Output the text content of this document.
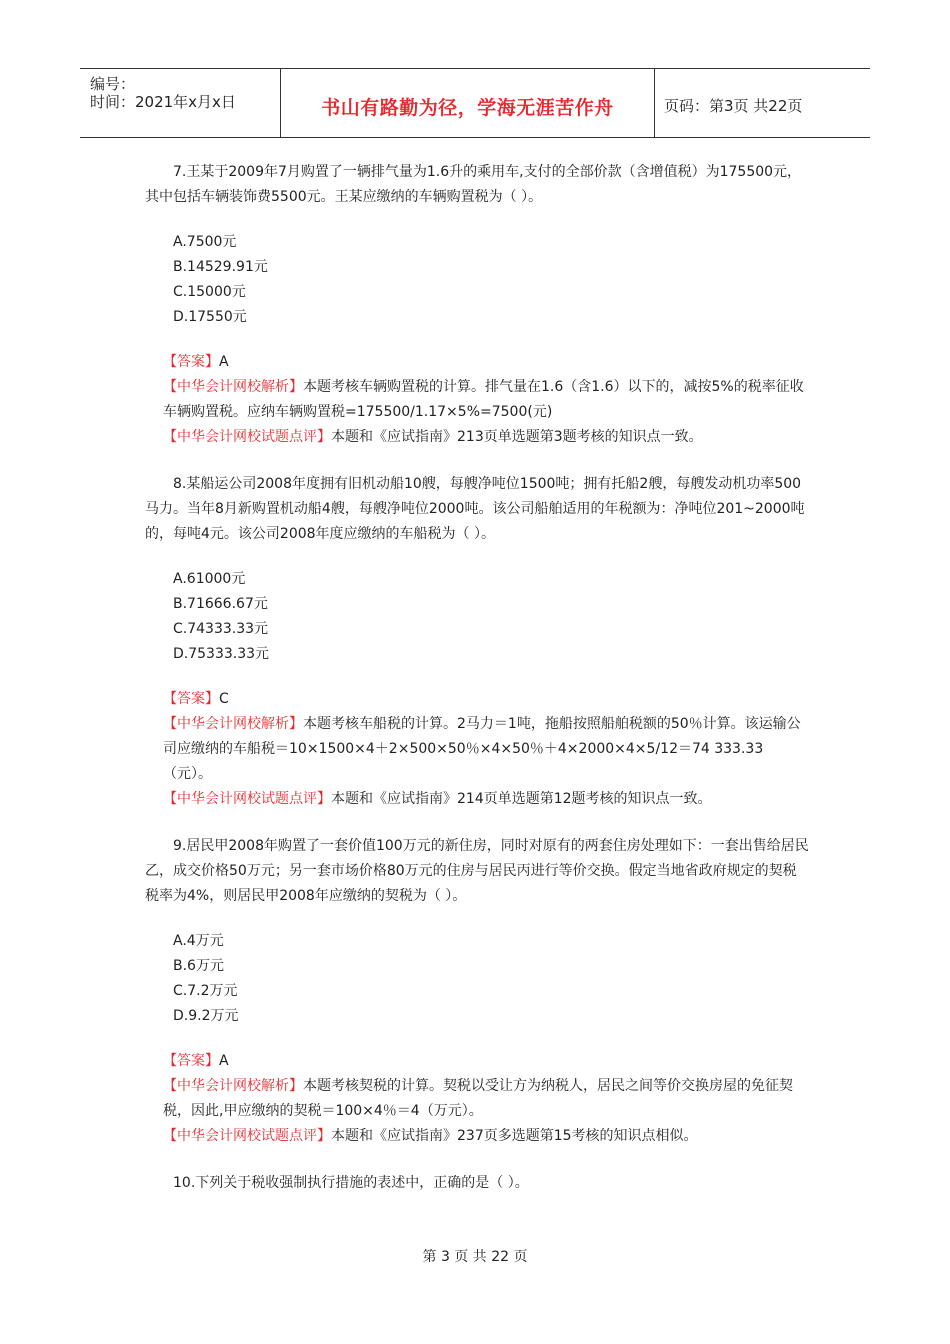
编号：
时间：2021年x月x日	书山有路勤为径，学海无涯苦作舟	页码：第3页 共22页

7.王某于2009年7月购置了一辆排气量为1.6升的乘用车,支付的全部价款（含增值税）为175500元，其中包括车辆装饰费5500元。王某应缴纳的车辆购置税为（ ）。

A.7500元
B.14529.91元
C.15000元
D.17550元

【答案】A

【中华会计网校解析】本题考核车辆购置税的计算。排气量在1.6（含1.6）以下的，减按5%的税率征收车辆购置税。应纳车辆购置税=175500/1.17×5%=7500(元)

【中华会计网校试题点评】本题和《应试指南》213页单选题第3题考核的知识点一致。

8.某船运公司2008年度拥有旧机动船10艘，每艘净吨位1500吨；拥有托船2艘，每艘发动机功率500马力。当年8月新购置机动船4艘，每艘净吨位2000吨。该公司船舶适用的年税额为：净吨位201~2000吨的，每吨4元。该公司2008年度应缴纳的车船税为（ ）。

A.61000元
B.71666.67元
C.74333.33元
D.75333.33元

【答案】C

【中华会计网校解析】本题考核车船税的计算。2马力＝1吨，拖船按照船舶税额的50％计算。该运输公司应缴纳的车船税＝10×1500×4＋2×500×50％×4×50％＋4×2000×4×5/12＝74 333.33（元）。

【中华会计网校试题点评】本题和《应试指南》214页单选题第12题考核的知识点一致。

9.居民甲2008年购置了一套价值100万元的新住房，同时对原有的两套住房处理如下：一套出售给居民乙，成交价格50万元；另一套市场价格80万元的住房与居民丙进行等价交换。假定当地省政府规定的契税税率为4%，则居民甲2008年应缴纳的契税为（ ）。

A.4万元
B.6万元
C.7.2万元
D.9.2万元

【答案】A

【中华会计网校解析】本题考核契税的计算。契税以受让方为纳税人，居民之间等价交换房屋的免征契税，因此,甲应缴纳的契税＝100×4％＝4（万元）。

【中华会计网校试题点评】本题和《应试指南》237页多选题第15考核的知识点相似。

10.下列关于税收强制执行措施的表述中，正确的是（ ）。

第 3 页 共 22 页
